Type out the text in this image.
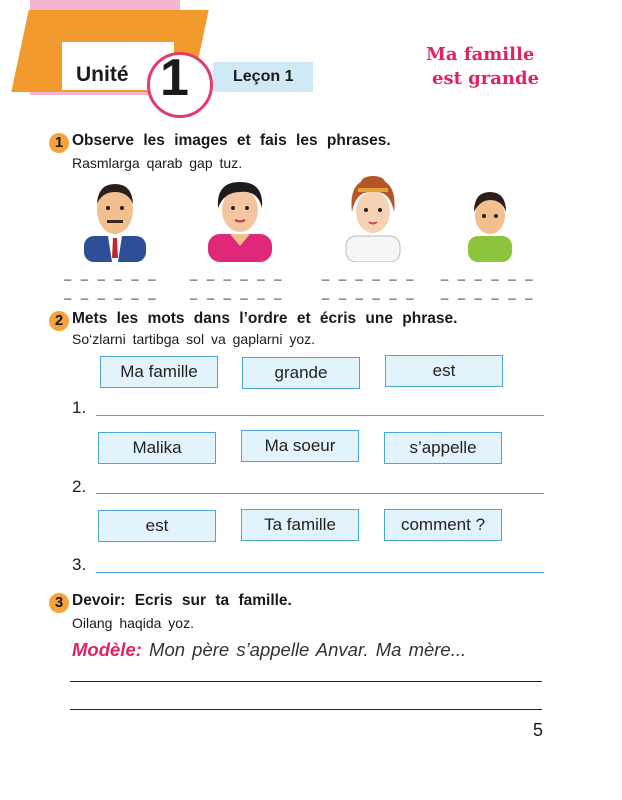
Unité 1	Leçon 1
Ma famille
est grande
1 Observe les images et fais les phrases.
Rasmlarga qarab gap tuz.
_ _ _ _ _ _
_ _ _ _ _ _
_ _ _ _ _ _
_ _ _ _ _ _
_ _ _ _ _ _
_ _ _ _ _ _
_ _ _ _ _ _
_ _ _ _ _ _
2 Mets les mots dans l’ordre et écris une phrase.
So‘zlarni tartibga sol va gaplarni yoz.
Ma famille	grande	est
1.
Malika	Ma soeur	s’appelle
2.
est	Ta famille	comment ?
3.
3 Devoir: Ecris sur ta famille.
Oilang haqida yoz.
Modèle: Mon père s’appelle Anvar. Ma mère...
5
